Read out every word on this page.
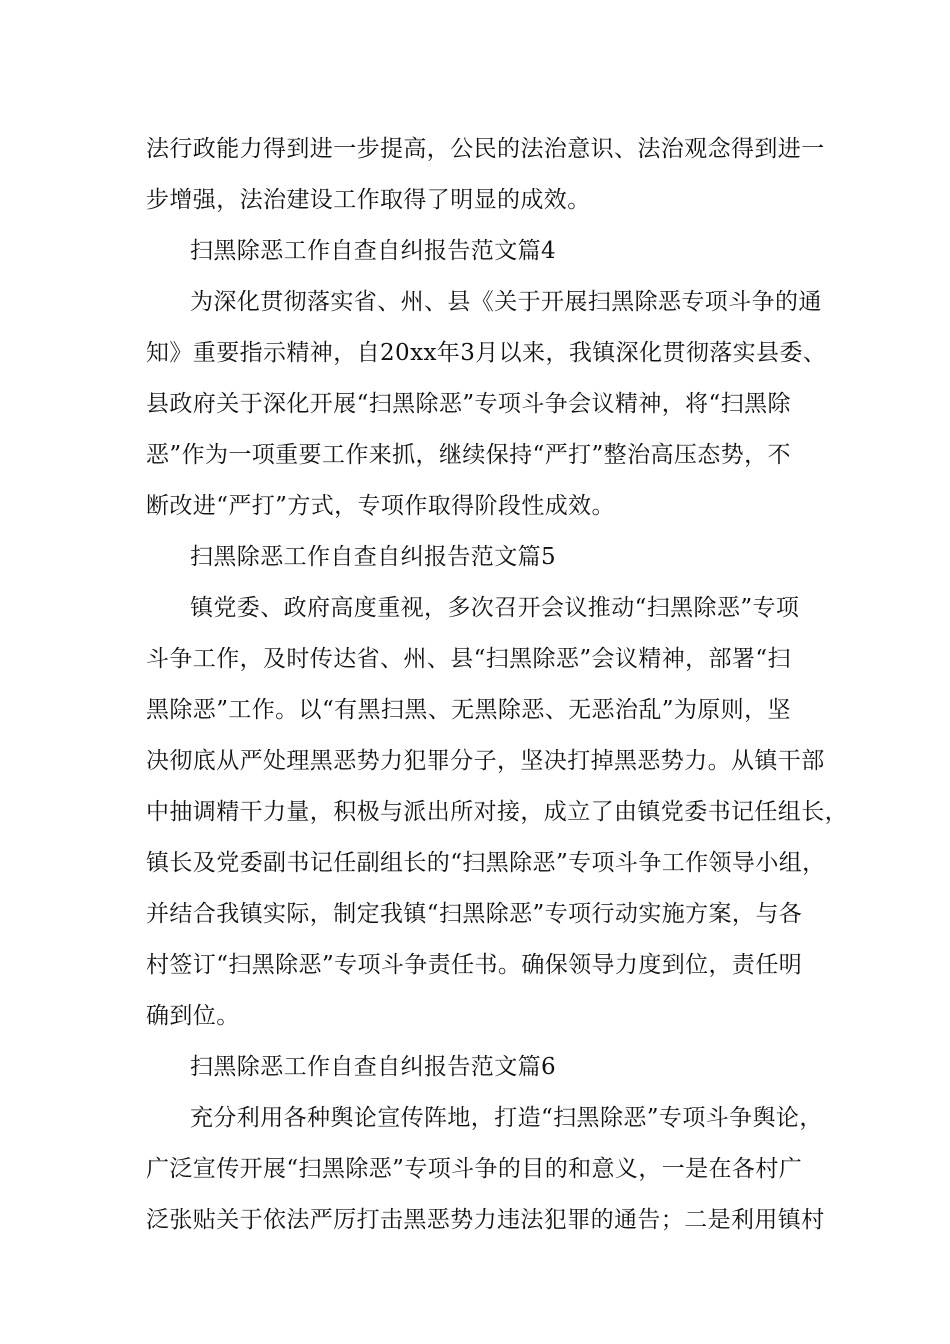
法行政能力得到进一步提高，公民的法治意识、法治观念得到进一
步增强，法治建设工作取得了明显的成效。
扫黑除恶工作自查自纠报告范文篇4
为深化贯彻落实省、州、县《关于开展扫黑除恶专项斗争的通
知》重要指示精神，自20xx年3月以来，我镇深化贯彻落实县委、
县政府关于深化开展“扫黑除恶”专项斗争会议精神，将“扫黑除
恶”作为一项重要工作来抓，继续保持“严打”整治高压态势，不
断改进“严打”方式，专项作取得阶段性成效。
扫黑除恶工作自查自纠报告范文篇5
镇党委、政府高度重视，多次召开会议推动“扫黑除恶”专项
斗争工作，及时传达省、州、县“扫黑除恶”会议精神，部署“扫
黑除恶”工作。以“有黑扫黑、无黑除恶、无恶治乱”为原则，坚
决彻底从严处理黑恶势力犯罪分子，坚决打掉黑恶势力。从镇干部
中抽调精干力量，积极与派出所对接，成立了由镇党委书记任组长，
镇长及党委副书记任副组长的“扫黑除恶”专项斗争工作领导小组，
并结合我镇实际，制定我镇“扫黑除恶”专项行动实施方案，与各
村签订“扫黑除恶”专项斗争责任书。确保领导力度到位，责任明
确到位。
扫黑除恶工作自查自纠报告范文篇6
充分利用各种舆论宣传阵地，打造“扫黑除恶”专项斗争舆论，
广泛宣传开展“扫黑除恶”专项斗争的目的和意义，一是在各村广
泛张贴关于依法严厉打击黑恶势力违法犯罪的通告；二是利用镇村
